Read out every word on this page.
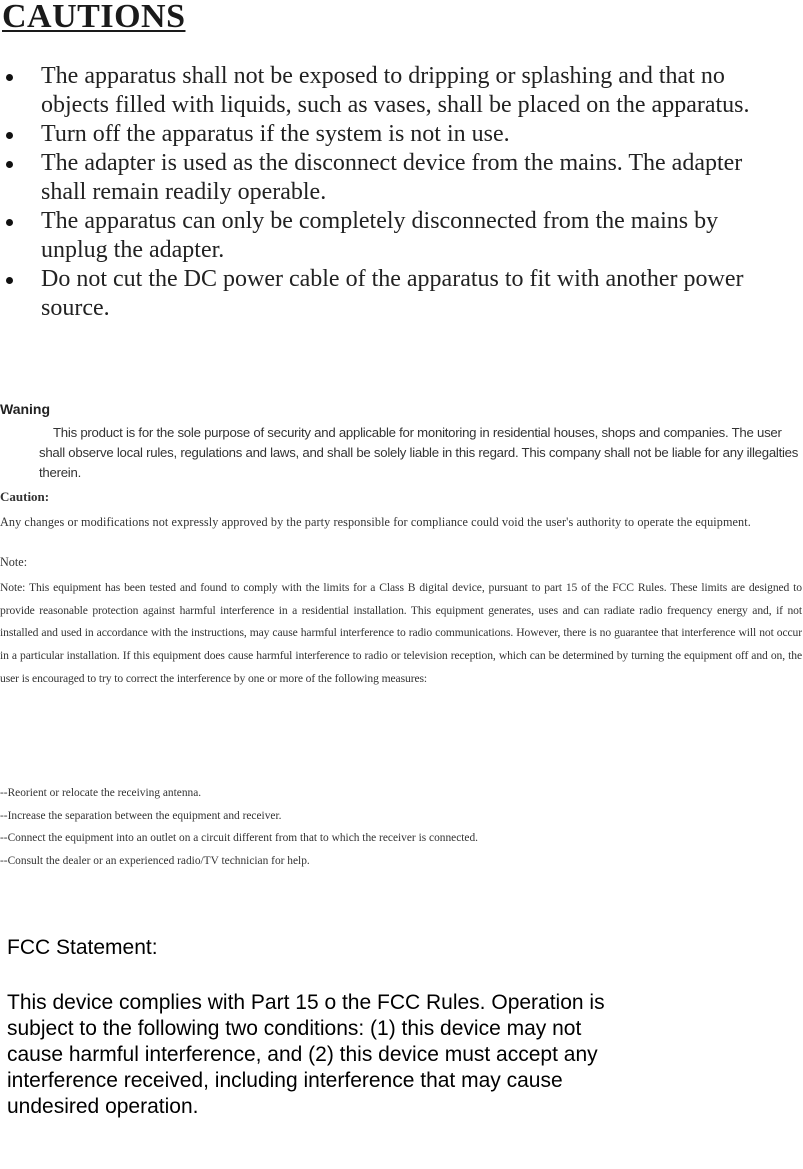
CAUTIONS
The apparatus shall not be exposed to dripping or splashing and that no objects filled with liquids, such as vases, shall be placed on the apparatus.
Turn off the apparatus if the system is not in use.
The adapter is used as the disconnect device from the mains. The adapter shall remain readily operable.
The apparatus can only be completely disconnected from the mains by unplug the adapter.
Do not cut the DC power cable of the apparatus to fit with another power source.
Waning

This product is for the sole purpose of security and applicable for monitoring in residential houses, shops and companies. The user shall observe local rules, regulations and laws, and shall be solely liable in this regard. This company shall not be liable for any illegalties therein.

Caution:

Any changes or modifications not expressly approved by the party responsible for compliance could void the user's authority to operate the equipment.

Note:

Note: This equipment has been tested and found to comply with the limits for a Class B digital device, pursuant to part 15 of the FCC Rules. These limits are designed to provide reasonable protection against harmful interference in a residential installation. This equipment generates, uses and can radiate radio frequency energy and, if not installed and used in accordance with the instructions, may cause harmful interference to radio communications. However, there is no guarantee that interference will not occur in a particular installation. If this equipment does cause harmful interference to radio or television reception, which can be determined by turning the equipment off and on, the user is encouraged to try to correct the interference by one or more of the following measures:

--Reorient or relocate the receiving antenna.
--Increase the separation between the equipment and receiver.
--Connect the equipment into an outlet on a circuit different from that to which the receiver is connected.
--Consult the dealer or an experienced radio/TV technician for help.
FCC Statement:

This device complies with Part 15 o the FCC Rules. Operation is subject to the following two conditions: (1) this device may not cause harmful interference, and (2) this device must accept any interference received, including interference that may cause undesired operation.
